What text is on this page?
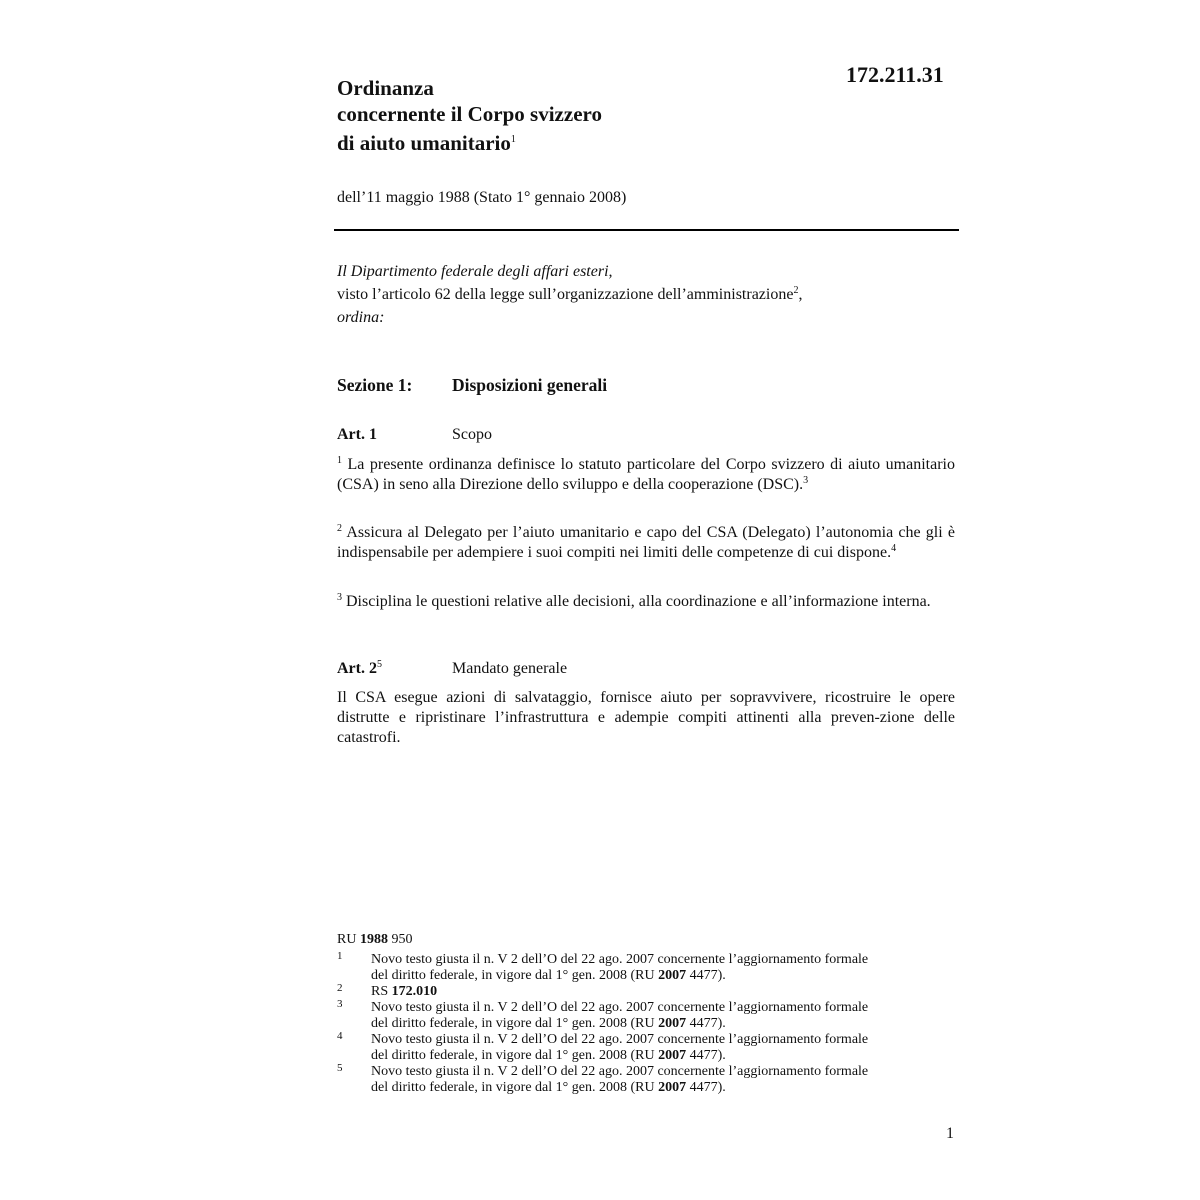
172.211.31
Ordinanza
concernente il Corpo svizzero
di aiuto umanitario$^1$
dell’11 maggio 1988 (Stato 1° gennaio 2008)

Il Dipartimento federale degli affari esteri,

visto l’articolo 62 della legge sull’organizzazione dell’amministrazione$^2$,

ordina:

Sezione 1: Disposizioni generali
Art. 1	Scopo

$^1$ La presente ordinanza definisce lo statuto particolare del Corpo svizzero di aiuto umanitario (CSA) in seno alla Direzione dello sviluppo e della cooperazione (DSC).$^3$

$^2$ Assicura al Delegato per l’aiuto umanitario e capo del CSA (Delegato) l’autonomia che gli è indispensabile per adempiere i suoi compiti nei limiti delle competenze di cui dispone.$^4$

$^3$ Disciplina le questioni relative alle decisioni, alla coordinazione e all’informazione interna.

Art. $2^5$	Mandato generale

Il CSA esegue azioni di salvataggio, fornisce aiuto per sopravvivere, ricostruire le opere distrutte e ripristinare l’infrastruttura e adempie compiti attinenti alla preven-zione delle catastrofi.

RU 1988 950
1 Novo testo giusta il n. V 2 dell’O del 22 ago. 2007 concernente l’aggiornamento formale
del diritto federale, in vigore dal 1° gen. 2008 (RU 2007 4477).
2 RS 172.010
3 Novo testo giusta il n. V 2 dell’O del 22 ago. 2007 concernente l’aggiornamento formale
del diritto federale, in vigore dal 1° gen. 2008 (RU 2007 4477).
4 Novo testo giusta il n. V 2 dell’O del 22 ago. 2007 concernente l’aggiornamento formale
del diritto federale, in vigore dal 1° gen. 2008 (RU 2007 4477).
5 Novo testo giusta il n. V 2 dell’O del 22 ago. 2007 concernente l’aggiornamento formale
del diritto federale, in vigore dal 1° gen. 2008 (RU 2007 4477).
1
